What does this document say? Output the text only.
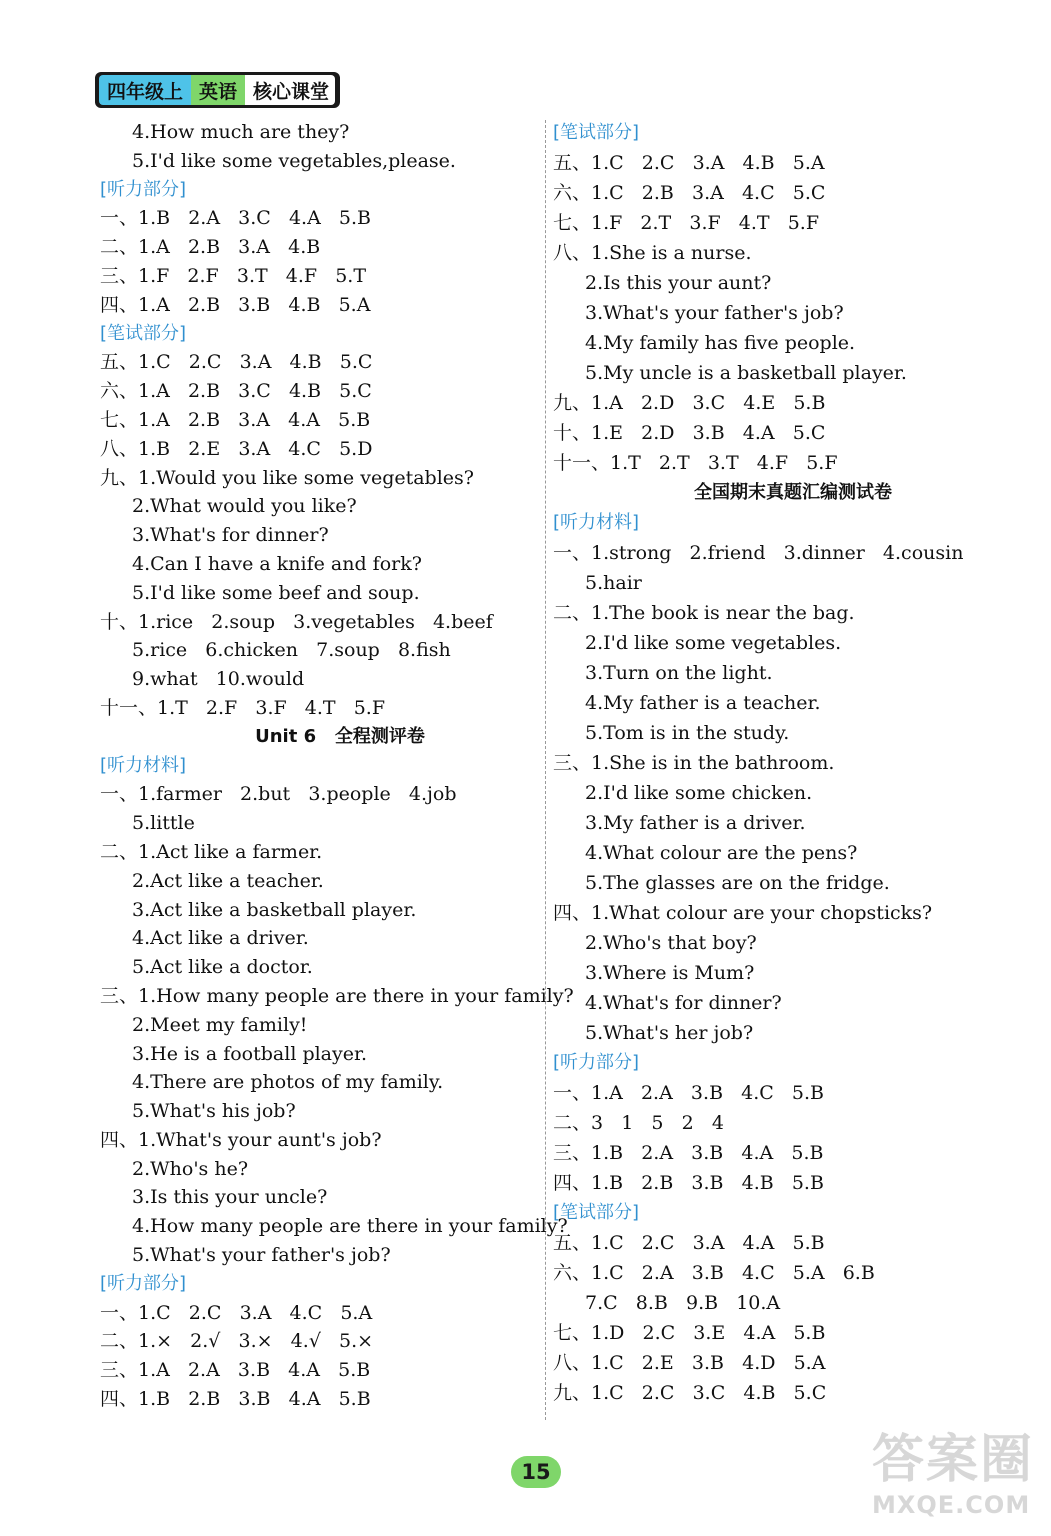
四年级上 英语 核心课堂
4.How much are they?
5.I'd like some vegetables,please.
[听力部分]
一、1.B   2.A   3.C   4.A   5.B
二、1.A   2.B   3.A   4.B
三、1.F   2.F   3.T   4.F   5.T
四、1.A   2.B   3.B   4.B   5.A
[笔试部分]
五、1.C   2.C   3.A   4.B   5.C
六、1.A   2.B   3.C   4.B   5.C
七、1.A   2.B   3.A   4.A   5.B
八、1.B   2.E   3.A   4.C   5.D
九、1.Would you like some vegetables?
2.What would you like?
3.What's for dinner?
4.Can I have a knife and fork?
5.I'd like some beef and soup.
十、1.rice   2.soup   3.vegetables   4.beef
5.rice   6.chicken   7.soup   8.fish
9.what   10.would
十一、1.T   2.F   3.F   4.T   5.F
Unit 6   全程测评卷
[听力材料]
一、1.farmer   2.but   3.people   4.job
5.little
二、1.Act like a farmer.
2.Act like a teacher.
3.Act like a basketball player.
4.Act like a driver.
5.Act like a doctor.
三、1.How many people are there in your family?
2.Meet my family!
3.He is a football player.
4.There are photos of my family.
5.What's his job?
四、1.What's your aunt's job?
2.Who's he?
3.Is this your uncle?
4.How many people are there in your family?
5.What's your father's job?
[听力部分]
一、1.C   2.C   3.A   4.C   5.A
二、1.×   2.√   3.×   4.√   5.×
三、1.A   2.A   3.B   4.A   5.B
四、1.B   2.B   3.B   4.A   5.B
[笔试部分]
五、1.C   2.C   3.A   4.B   5.A
六、1.C   2.B   3.A   4.C   5.C
七、1.F   2.T   3.F   4.T   5.F
八、1.She is a nurse.
2.Is this your aunt?
3.What's your father's job?
4.My family has five people.
5.My uncle is a basketball player.
九、1.A   2.D   3.C   4.E   5.B
十、1.E   2.D   3.B   4.A   5.C
十一、1.T   2.T   3.T   4.F   5.F
全国期末真题汇编测试卷
[听力材料]
一、1.strong   2.friend   3.dinner   4.cousin
5.hair
二、1.The book is near the bag.
2.I'd like some vegetables.
3.Turn on the light.
4.My father is a teacher.
5.Tom is in the study.
三、1.She is in the bathroom.
2.I'd like some chicken.
3.My father is a driver.
4.What colour are the pens?
5.The glasses are on the fridge.
四、1.What colour are your chopsticks?
2.Who's that boy?
3.Where is Mum?
4.What's for dinner?
5.What's her job?
[听力部分]
一、1.A   2.A   3.B   4.C   5.B
二、3   1   5   2   4
三、1.B   2.A   3.B   4.A   5.B
四、1.B   2.B   3.B   4.B   5.B
[笔试部分]
五、1.C   2.C   3.A   4.A   5.B
六、1.C   2.A   3.B   4.C   5.A   6.B
7.C   8.B   9.B   10.A
七、1.D   2.C   3.E   4.A   5.B
八、1.C   2.E   3.B   4.D   5.A
九、1.C   2.C   3.C   4.B   5.C
15	答案圈
MXQE.COM
